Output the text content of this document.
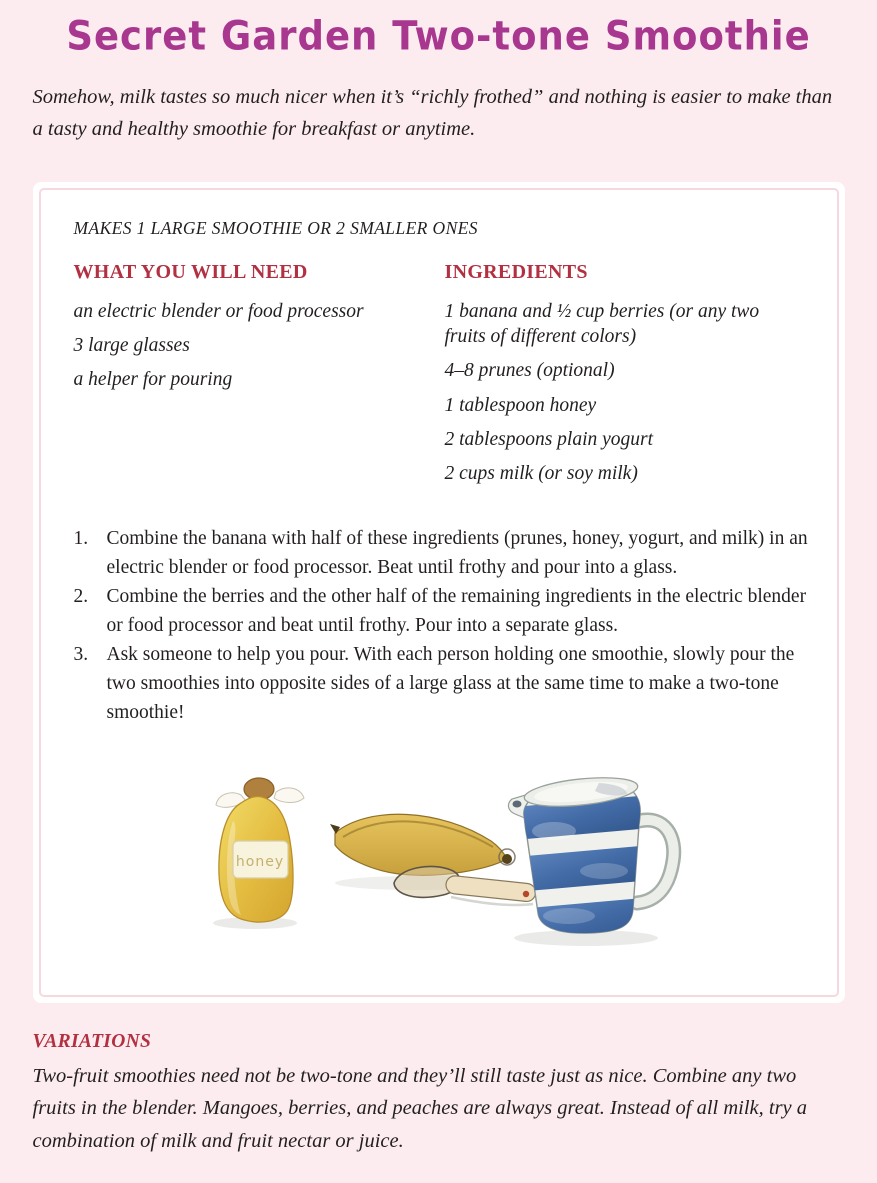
Secret Garden Two-tone Smoothie

Somehow, milk tastes so much nicer when it’s “richly frothed” and nothing is easier to make than a tasty and healthy smoothie for breakfast or anytime.

MAKES 1 LARGE SMOOTHIE OR 2 SMALLER ONES

WHAT YOU WILL NEED

an electric blender or food processor

3 large glasses

a helper for pouring

INGREDIENTS

1 banana and ½ cup berries (or any two fruits of different colors)

4–8 prunes (optional)

1 tablespoon honey

2 tablespoons plain yogurt

2 cups milk (or soy milk)

1. Combine the banana with half of these ingredients (prunes, honey, yogurt, and milk) in an electric blender or food processor. Beat until frothy and pour into a glass.
2. Combine the berries and the other half of the remaining ingredients in the electric blender or food processor and beat until frothy. Pour into a separate glass.
3. Ask someone to help you pour. With each person holding one smoothie, slowly pour the two smoothies into opposite sides of a large glass at the same time to make a two-tone smoothie!
honey
VARIATIONS

Two-fruit smoothies need not be two-tone and they’ll still taste just as nice. Combine any two fruits in the blender. Mangoes, berries, and peaches are always great. Instead of all milk, try a combination of milk and fruit nectar or juice.
